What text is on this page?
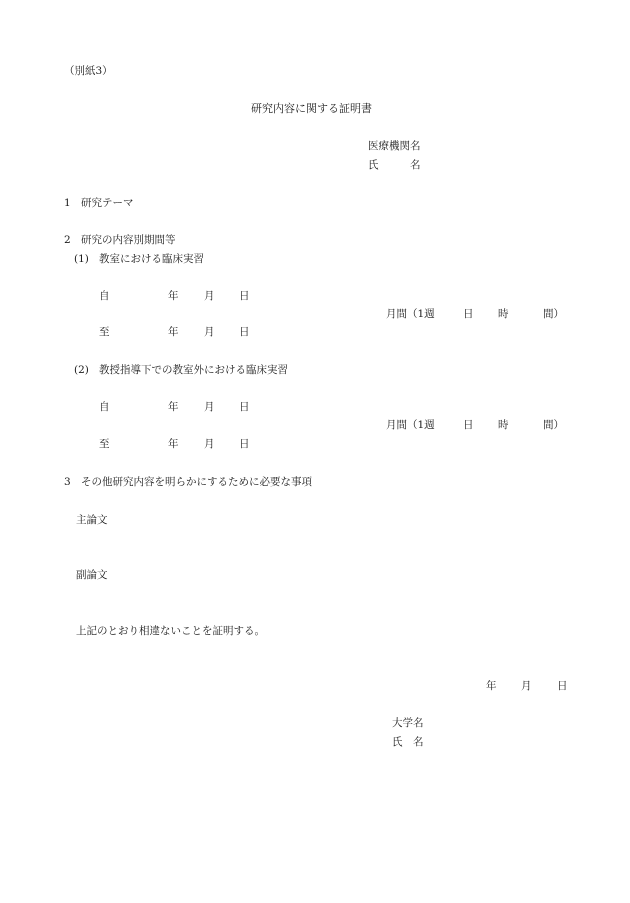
（別紙3）
研究内容に関する証明書
医療機関名
氏　　　名
1 研究テーマ
2 研究の内容別期間等
(1) 教室における臨床実習
自	年 月 日
月間 （1週	日 時	間）
至	年 月 日
(2) 教授指導下での教室外における臨床実習
自	年 月 日
月間 （1週	日 時	間）
至	年 月 日
3 その他研究内容を明らかにするために必要な事項
主論文
副論文
上記のとおり相違ないことを証明する。
年 月 日
大学名
氏　名
